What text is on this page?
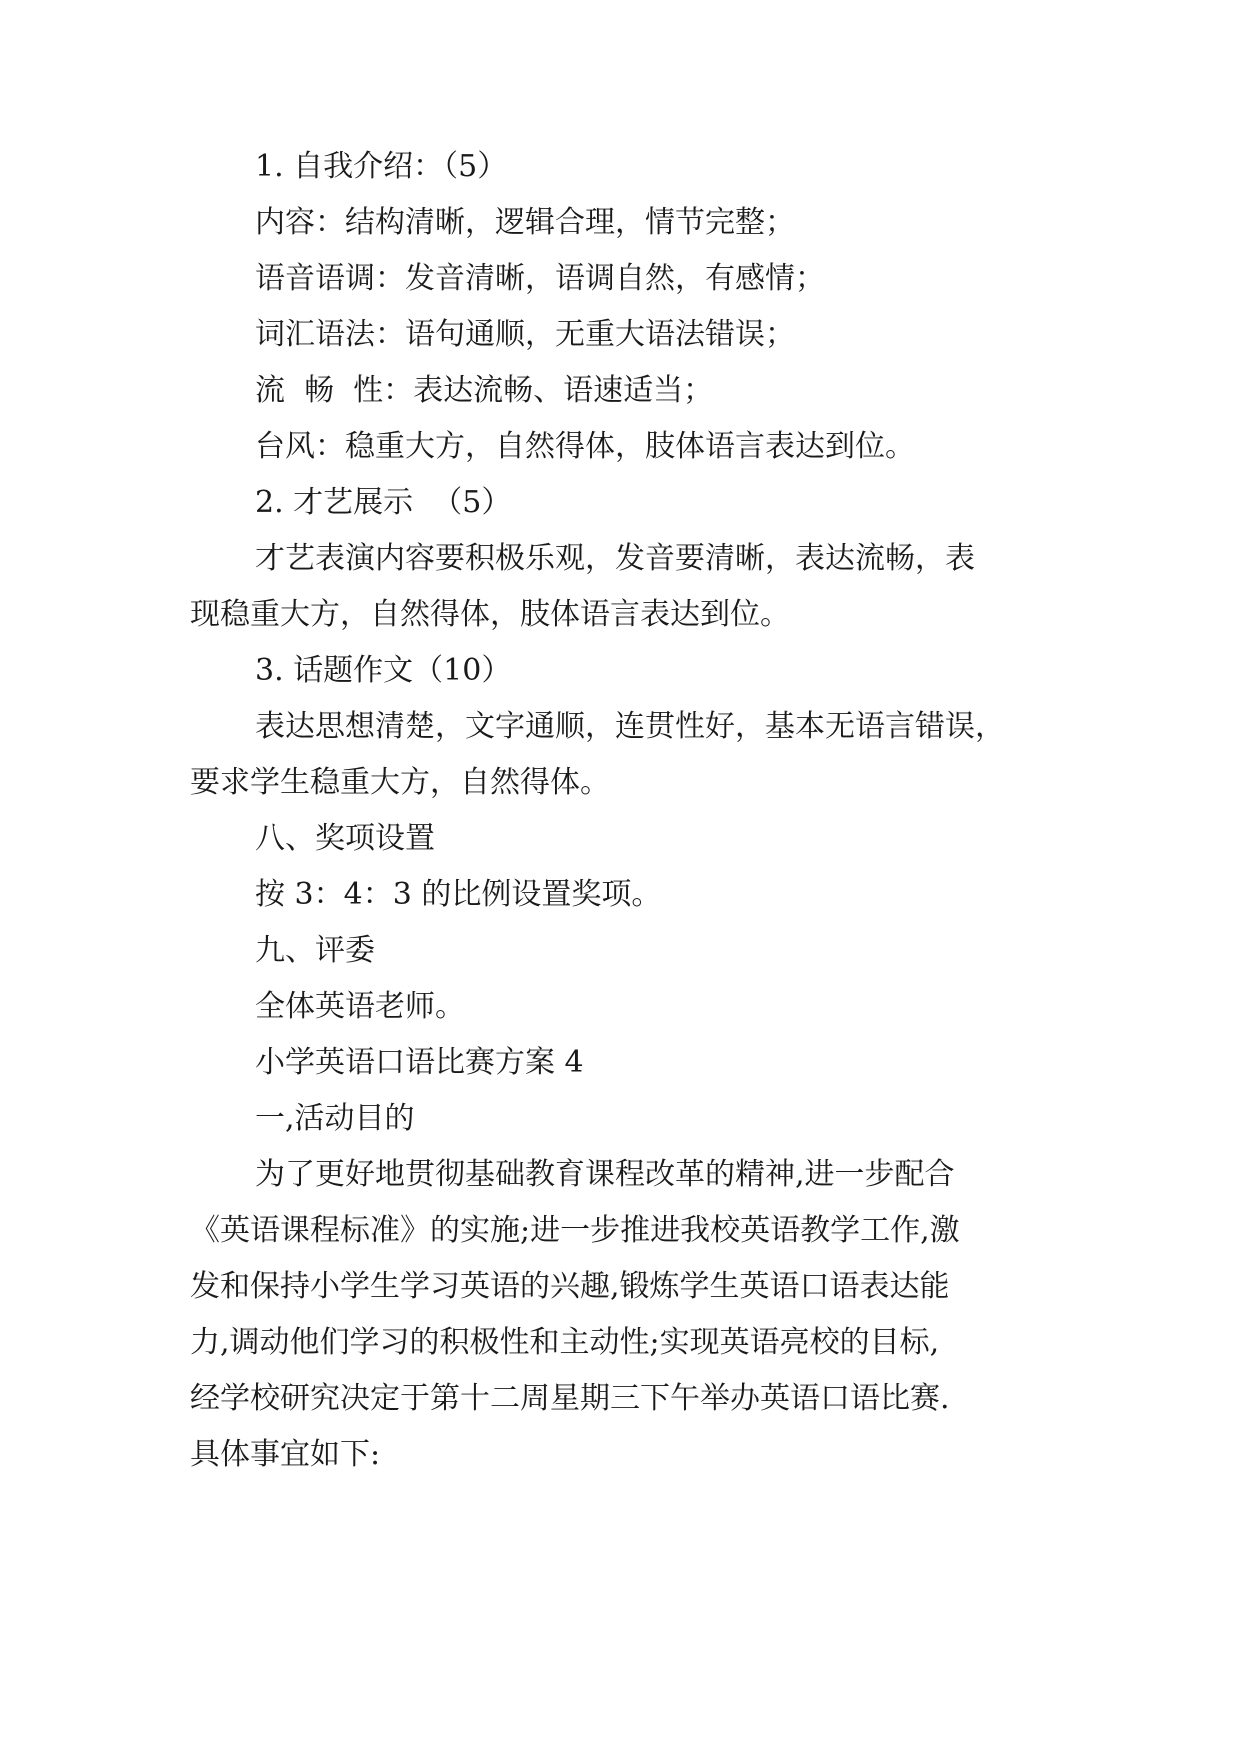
1. 自我介绍：（5）
内容：结构清晰，逻辑合理，情节完整；
语音语调：发音清晰，语调自然，有感情；
词汇语法：语句通顺，无重大语法错误；
流  畅  性：表达流畅、语速适当；
台风：稳重大方，自然得体，肢体语言表达到位。
2. 才艺展示  （5）
才艺表演内容要积极乐观，发音要清晰，表达流畅，表
现稳重大方，自然得体，肢体语言表达到位。
3. 话题作文（10）
表达思想清楚，文字通顺，连贯性好，基本无语言错误，
要求学生稳重大方，自然得体。
八、奖项设置
按 3：4：3 的比例设置奖项。
九、评委
全体英语老师。
小学英语口语比赛方案 4
一,活动目的
为了更好地贯彻基础教育课程改革的精神,进一步配合
《英语课程标准》的实施;进一步推进我校英语教学工作,激
发和保持小学生学习英语的兴趣,锻炼学生英语口语表达能
力,调动他们学习的积极性和主动性;实现英语亮校的目标,
经学校研究决定于第十二周星期三下午举办英语口语比赛.
具体事宜如下:
